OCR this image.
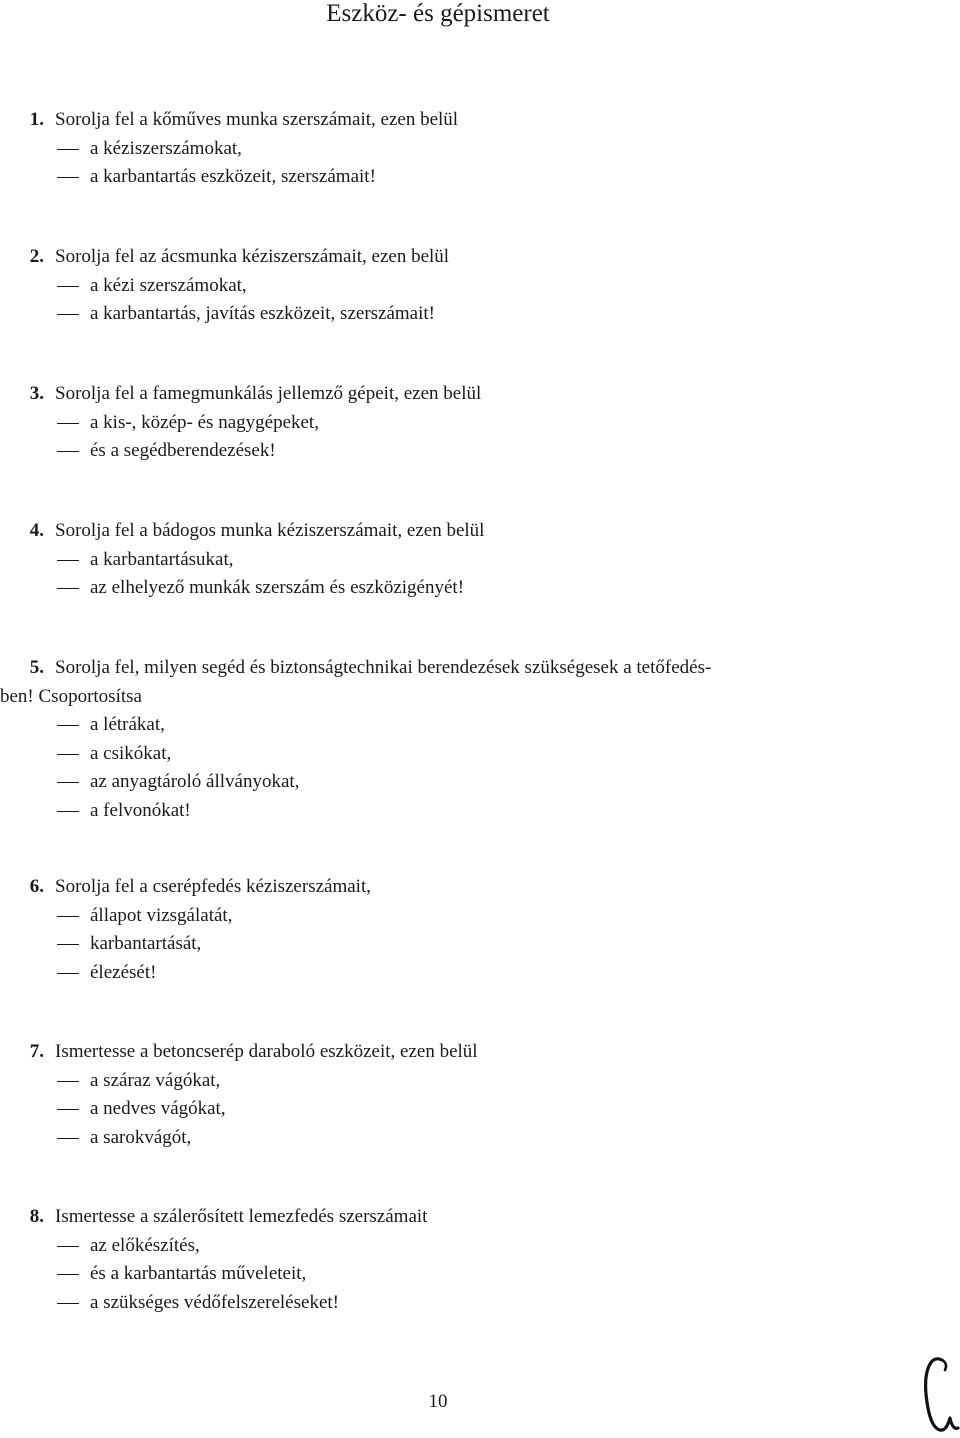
Eszköz- és gépismeret
1. Sorolja fel a kőműves munka szerszámait, ezen belül
a kéziszerszámokat,
a karbantartás eszközeit, szerszámait!
2. Sorolja fel az ácsmunka kéziszerszámait, ezen belül
a kézi szerszámokat,
a karbantartás, javítás eszközeit, szerszámait!
3. Sorolja fel a famegmunkálás jellemző gépeit, ezen belül
a kis-, közép- és nagygépeket,
és a segédberendezések!
4. Sorolja fel a bádogos munka kéziszerszámait, ezen belül
a karbantartásukat,
az elhelyező munkák szerszám és eszközigényét!
5. Sorolja fel, milyen segéd és biztonságtechnikai berendezések szükségesek a tetőfedés-
ben! Csoportosítsa
a létrákat,
a csikókat,
az anyagtároló állványokat,
a felvonókat!
6. Sorolja fel a cserépfedés kéziszerszámait,
állapot vizsgálatát,
karbantartását,
élezését!
7. Ismertesse a betoncserép daraboló eszközeit, ezen belül
a száraz vágókat,
a nedves vágókat,
a sarokvágót,
8. Ismertesse a szálerősített lemezfedés szerszámait
az előkészítés,
és a karbantartás műveleteit,
a szükséges védőfelszereléseket!
10
